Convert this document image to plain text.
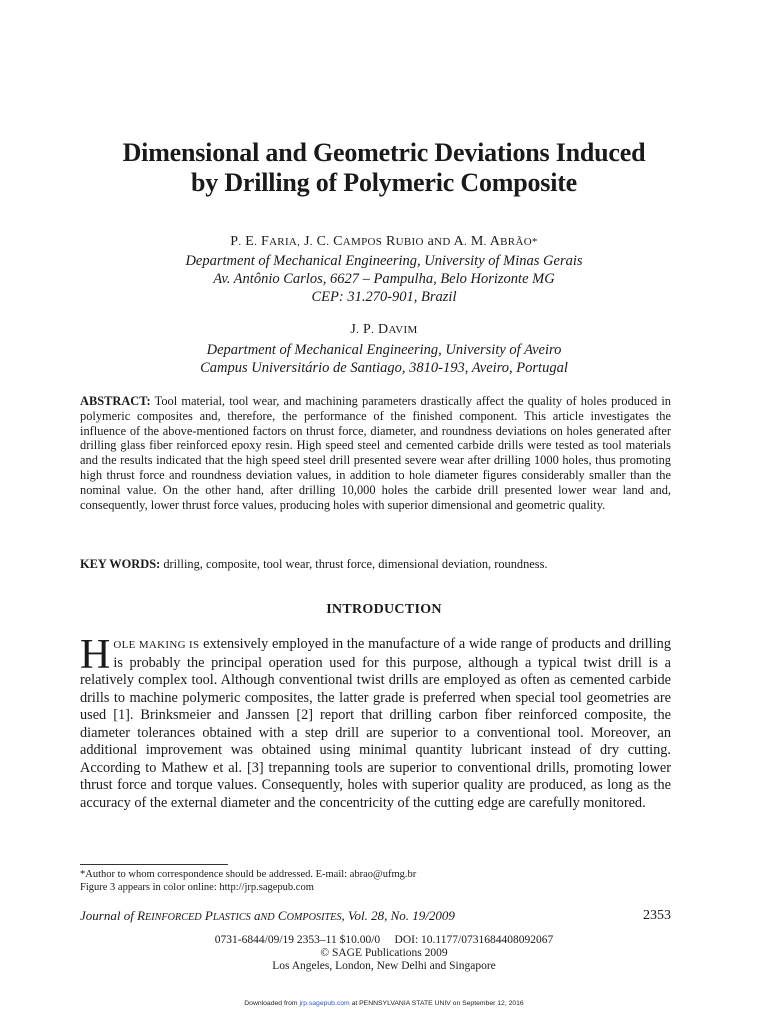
Dimensional and Geometric Deviations Induced
by Drilling of Polymeric Composite
P. E. FARIA, J. C. CAMPOS RUBIO aND A. M. ABRÃO*
Department of Mechanical Engineering, University of Minas Gerais
Av. Antônio Carlos, 6627 – Pampulha, Belo Horizonte MG
CEP: 31.270-901, Brazil
J. P. DAVIM
Department of Mechanical Engineering, University of Aveiro
Campus Universitário de Santiago, 3810-193, Aveiro, Portugal
ABSTRACT: Tool material, tool wear, and machining parameters drastically affect the quality of holes produced in polymeric composites and, therefore, the performance of the finished component. This article investigates the influence of the above-mentioned factors on thrust force, diameter, and roundness deviations on holes generated after drilling glass fiber reinforced epoxy resin. High speed steel and cemented carbide drills were tested as tool materials and the results indicated that the high speed steel drill presented severe wear after drilling 1000 holes, thus promoting high thrust force and roundness deviation values, in addition to hole diameter figures considerably smaller than the nominal value. On the other hand, after drilling 10,000 holes the carbide drill presented lower wear land and, consequently, lower thrust force values, producing holes with superior dimensional and geometric quality.
KEY WORDS: drilling, composite, tool wear, thrust force, dimensional deviation, roundness.
INTRODUCTION
HOLE MAKING IS extensively employed in the manufacture of a wide range of products and drilling is probably the principal operation used for this purpose, although a typical twist drill is a relatively complex tool. Although conventional twist drills are employed as often as cemented carbide drills to machine polymeric composites, the latter grade is preferred when special tool geometries are used [1]. Brinksmeier and Janssen [2] report that drilling carbon fiber reinforced composite, the diameter tolerances obtained with a step drill are superior to a conventional tool. Moreover, an additional improvement was obtained using minimal quantity lubricant instead of dry cutting. According to Mathew et al. [3] trepanning tools are superior to conventional drills, promoting lower thrust force and torque values. Consequently, holes with superior quality are produced, as long as the accuracy of the external diameter and the concentricity of the cutting edge are carefully monitored.
*Author to whom correspondence should be addressed. E-mail: abrao@ufmg.br
Figure 3 appears in color online: http://jrp.sagepub.com
Journal of REINFORCED PLASTICS aND COMPOSITES, Vol. 28, No. 19/2009	2353
0731-6844/09/19 2353–11 $10.00/0     DOI: 10.1177/0731684408092067
© SAGE Publications 2009
Los Angeles, London, New Delhi and Singapore
Downloaded from jrp.sagepub.com at PENNSYLVANIA STATE UNIV on September 12, 2016
